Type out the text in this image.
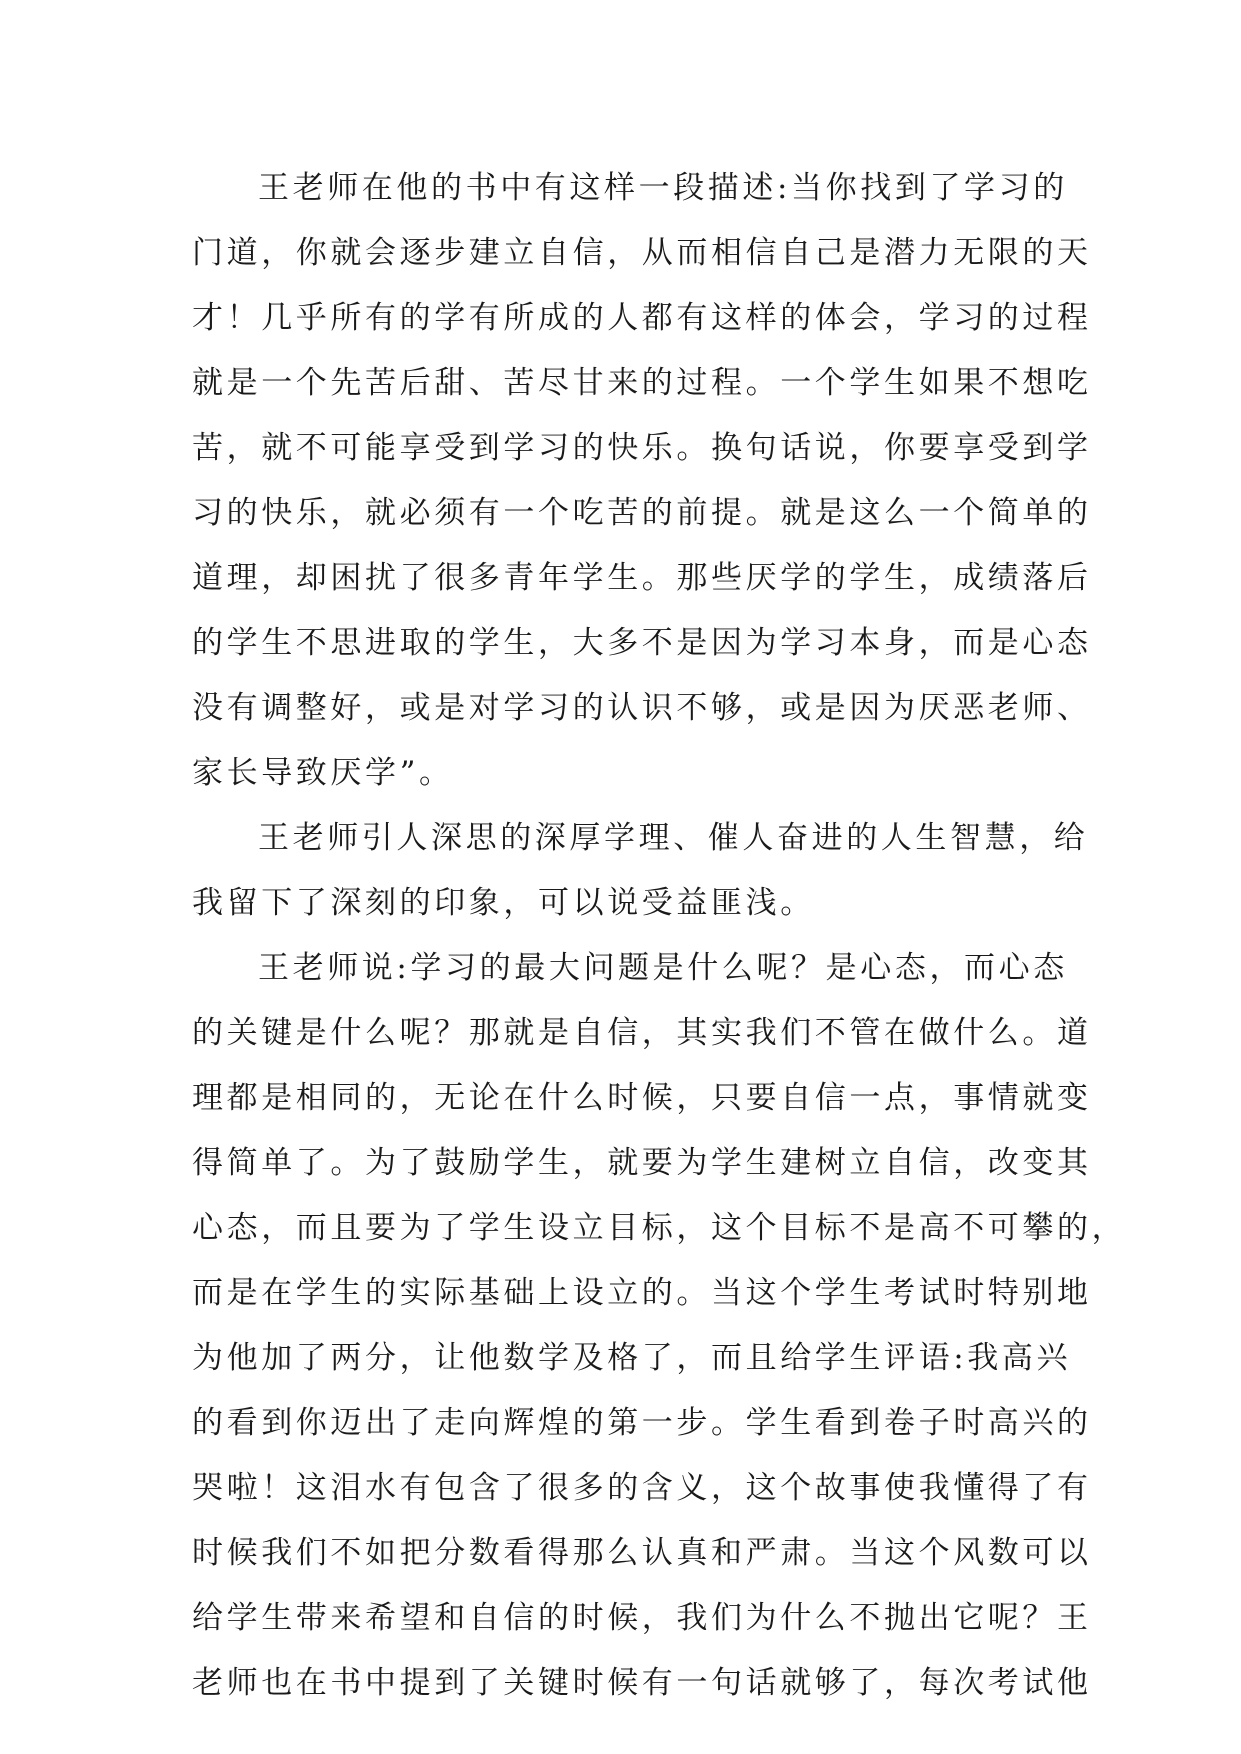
王老师在他的书中有这样一段描述:当你找到了学习的
门道，你就会逐步建立自信，从而相信自己是潜力无限的天
才！几乎所有的学有所成的人都有这样的体会，学习的过程
就是一个先苦后甜、苦尽甘来的过程。一个学生如果不想吃
苦，就不可能享受到学习的快乐。换句话说，你要享受到学
习的快乐，就必须有一个吃苦的前提。就是这么一个简单的
道理，却困扰了很多青年学生。那些厌学的学生，成绩落后
的学生不思进取的学生，大多不是因为学习本身，而是心态
没有调整好，或是对学习的认识不够，或是因为厌恶老师、
家长导致厌学”。
王老师引人深思的深厚学理、催人奋进的人生智慧，给
我留下了深刻的印象，可以说受益匪浅。
王老师说:学习的最大问题是什么呢？是心态，而心态
的关键是什么呢？那就是自信，其实我们不管在做什么。道
理都是相同的，无论在什么时候，只要自信一点，事情就变
得简单了。为了鼓励学生，就要为学生建树立自信，改变其
心态，而且要为了学生设立目标，这个目标不是高不可攀的，
而是在学生的实际基础上设立的。当这个学生考试时特别地
为他加了两分，让他数学及格了，而且给学生评语:我高兴
的看到你迈出了走向辉煌的第一步。学生看到卷子时高兴的
哭啦！这泪水有包含了很多的含义，这个故事使我懂得了有
时候我们不如把分数看得那么认真和严肃。当这个风数可以
给学生带来希望和自信的时候，我们为什么不抛出它呢？王
老师也在书中提到了关键时候有一句话就够了，每次考试他
